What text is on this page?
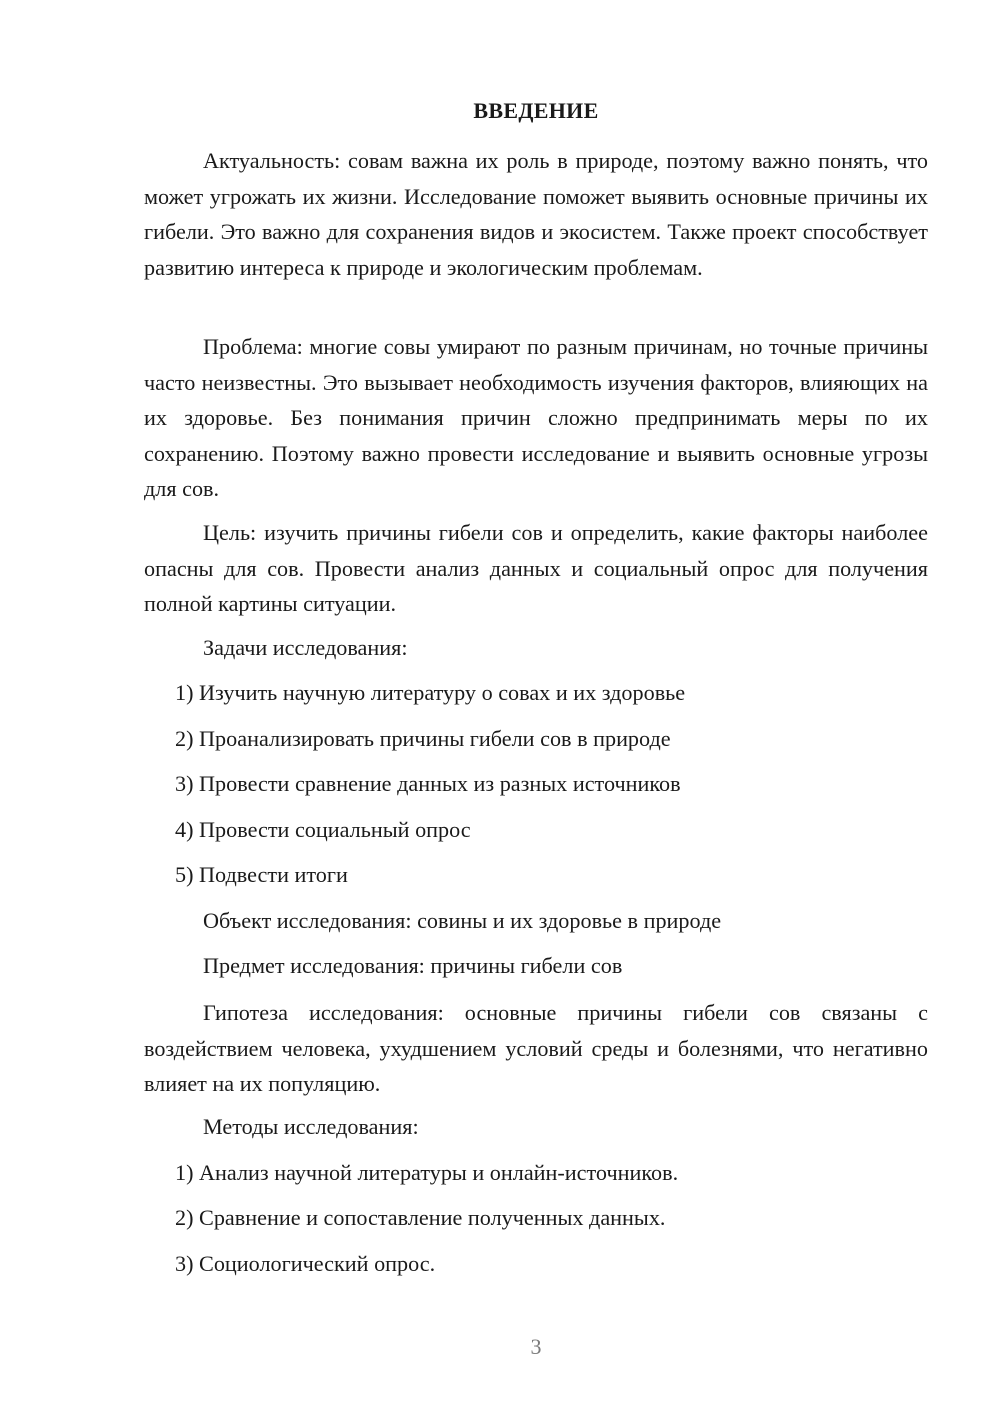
ВВЕДЕНИЕ

Актуальность: совам важна их роль в природе, поэтому важно понять, что может угрожать их жизни. Исследование поможет выявить основные причины их гибели. Это важно для сохранения видов и экосистем. Также проект способствует развитию интереса к природе и экологическим проблемам.

Проблема: многие совы умирают по разным причинам, но точные причины часто неизвестны. Это вызывает необходимость изучения факторов, влияющих на их здоровье. Без понимания причин сложно предпринимать меры по их сохранению. Поэтому важно провести исследование и выявить основные угрозы для сов.

Цель: изучить причины гибели сов и определить, какие факторы наиболее опасны для сов. Провести анализ данных и социальный опрос для получения полной картины ситуации.

Задачи исследования:

1) Изучить научную литературу о совах и их здоровье

2) Проанализировать причины гибели сов в природе

3) Провести сравнение данных из разных источников

4) Провести социальный опрос

5) Подвести итоги

Объект исследования: совины и их здоровье в природе

Предмет исследования: причины гибели сов

Гипотеза исследования: основные причины гибели сов связаны с воздействием человека, ухудшением условий среды и болезнями, что негативно влияет на их популяцию.

Методы исследования:

1) Анализ научной литературы и онлайн-источников.

2) Сравнение и сопоставление полученных данных.

3) Социологический опрос.

3
